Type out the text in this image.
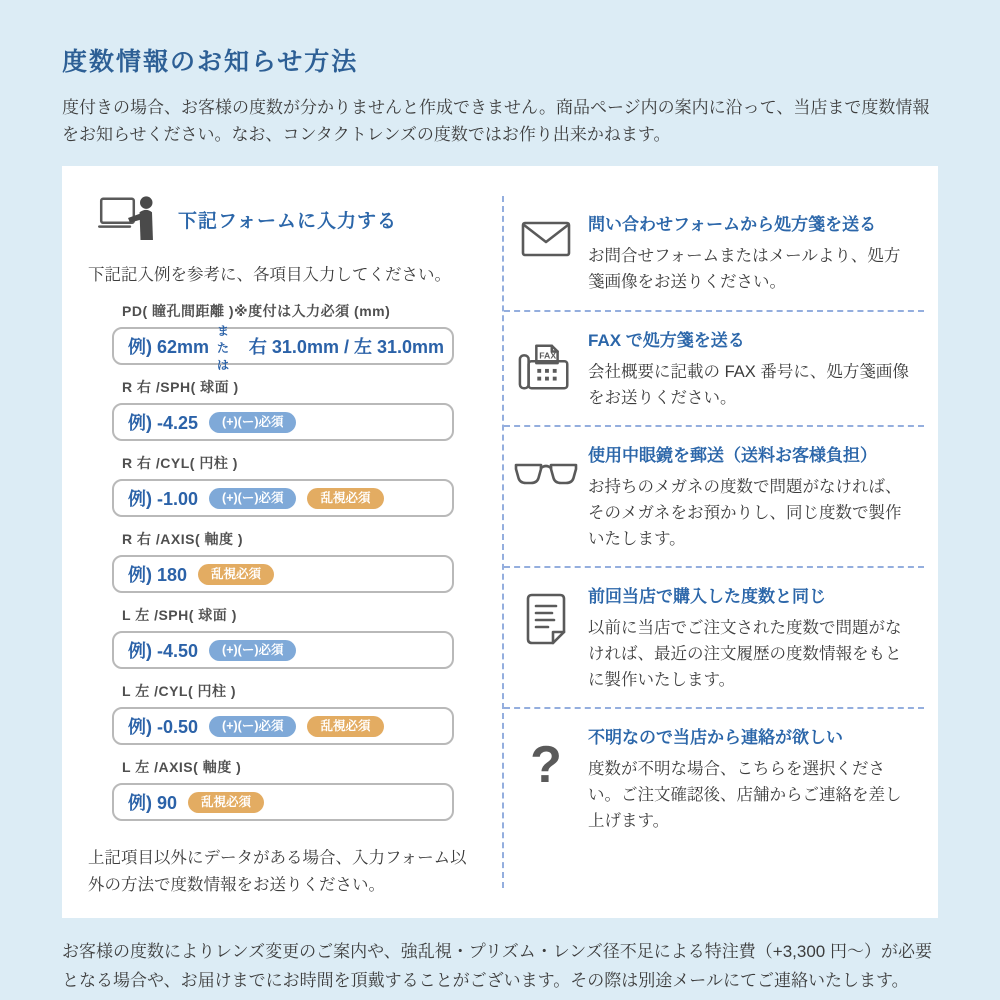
度数情報のお知らせ方法

度付きの場合、お客様の度数が分かりませんと作成できません。商品ページ内の案内に沿って、当店まで度数情報をお知らせください。なお、コンタクトレンズの度数ではお作り出来かねます。

下記フォームに入力する

下記記入例を参考に、各項目入力してください。

PD( 瞳孔間距離 )※度付は入力必須 (mm)

例) 62mm
または
右 31.0mm / 左 31.0mm

R 右 /SPH( 球面 )

例) -4.25	(+)(ー)必須

R 右 /CYL( 円柱 )

例) -1.00	(+)(ー)必須	乱視必須

R 右 /AXIS( 軸度 )

例) 180	乱視必須

L 左 /SPH( 球面 )

例) -4.50	(+)(ー)必須

L 左 /CYL( 円柱 )

例) -0.50	(+)(ー)必須	乱視必須

L 左 /AXIS( 軸度 )

例) 90	乱視必須

上記項目以外にデータがある場合、入力フォーム以外の方法で度数情報をお送りください。

問い合わせフォームから処方箋を送る

お問合せフォームまたはメールより、処方箋画像をお送りください。

FAX

FAX で処方箋を送る

会社概要に記載の FAX 番号に、処方箋画像をお送りください。

使用中眼鏡を郵送（送料お客様負担）

お持ちのメガネの度数で問題がなければ、そのメガネをお預かりし、同じ度数で製作いたします。

前回当店で購入した度数と同じ

以前に当店でご注文された度数で問題がなければ、最近の注文履歴の度数情報をもとに製作いたします。

? 不明なので当店から連絡が欲しい

度数が不明な場合、こちらを選択ください。ご注文確認後、店舗からご連絡を差し上げます。

お客様の度数によりレンズ変更のご案内や、強乱視・プリズム・レンズ径不足による特注費（+3,300 円～）が必要となる場合や、お届けまでにお時間を頂戴することがございます。その際は別途メールにてご連絡いたします。
